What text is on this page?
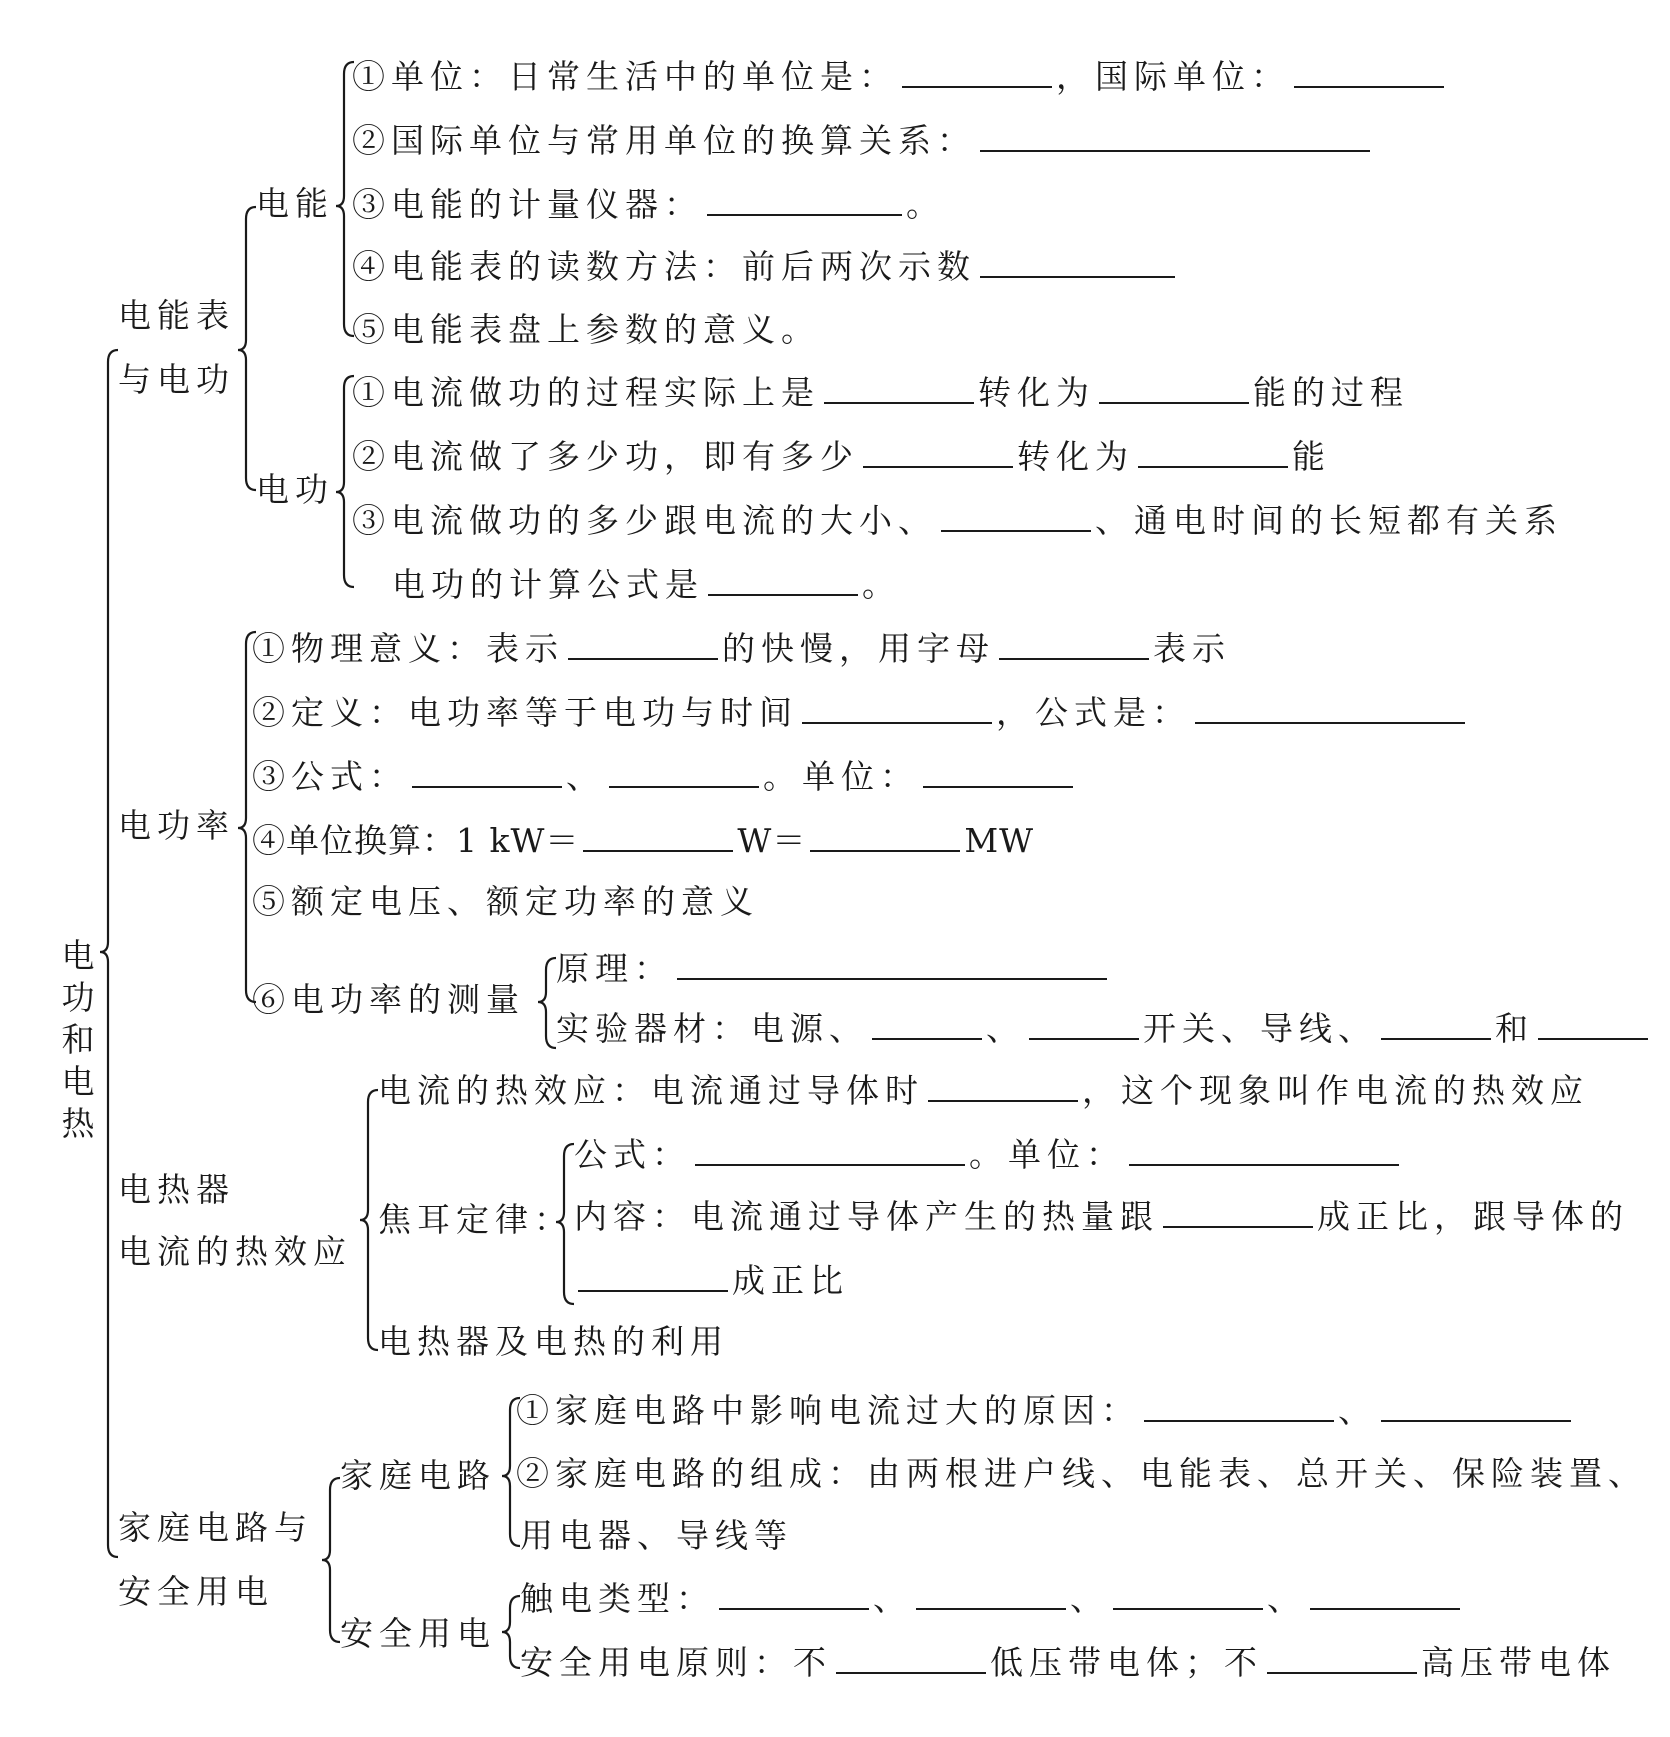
电
功
和
电
热
电能表
与电功
电能
①单位：日常生活中的单位是：	，国际单位：
②国际单位与常用单位的换算关系：
③电能的计量仪器：	。
④电能表的读数方法：前后两次示数
⑤电能表盘上参数的意义。
电功
①电流做功的过程实际上是	转化为	能的过程
②电流做了多少功，即有多少	转化为	能
③电流做功的多少跟电流的大小、	、通电时间的长短都有关系
电功的计算公式是	。
电功率
①物理意义：表示	的快慢，用字母	表示
②定义：电功率等于电功与时间	，公式是：
③公式：	、	。单位：
④单位换算：1 kW＝	W＝	MW
⑤额定电压、额定功率的意义
⑥电功率的测量
原理：
实验器材：电源、	、	开关、导线、	和
电热器
电流的热效应
电流的热效应：电流通过导体时	，这个现象叫作电流的热效应
焦耳定律：
公式：	。单位：
内容：电流通过导体产生的热量跟	成正比，跟导体的
成正比
电热器及电热的利用
家庭电路与
安全用电
家庭电路
①家庭电路中影响电流过大的原因：	、
②家庭电路的组成：由两根进户线、电能表、总开关、保险装置、
用电器、导线等
安全用电
触电类型：	、	、	、
安全用电原则：不	低压带电体；不	高压带电体
